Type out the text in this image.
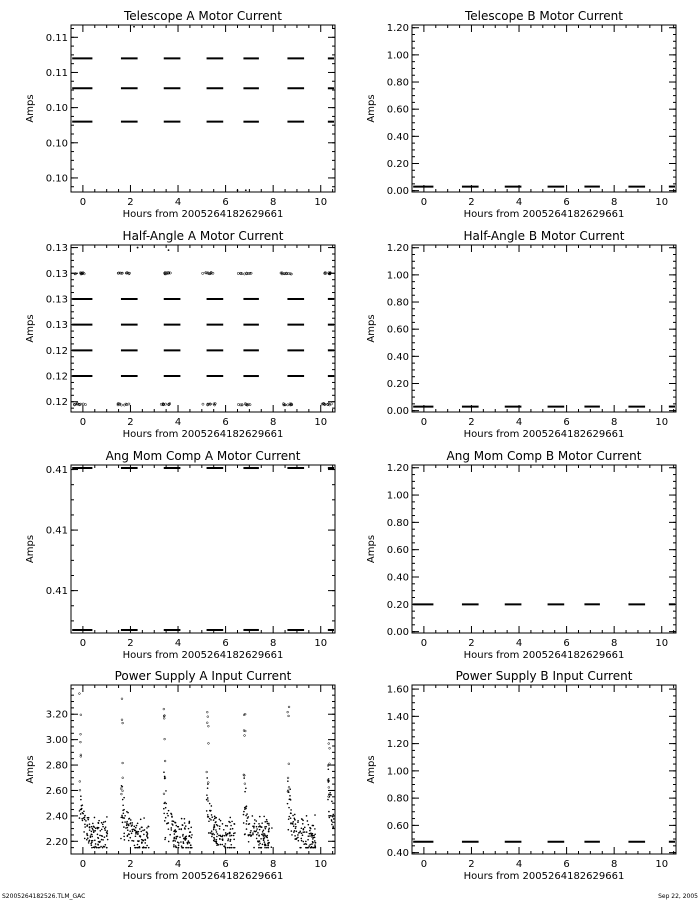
Telescope A Motor Current
0	2	4	6	8	10
0.10
0.10
0.10
0.11
0.11
Hours from 2005264182629661
Amps
Telescope B Motor Current
0	2	4	6	8	10
0.00
0.20
0.40
0.60
0.80
1.00
1.20
Hours from 2005264182629661
Amps
Half-Angle A Motor Current
0	2	4	6	8	10
0.12
0.12
0.12
0.13
0.13
0.13
0.13
Hours from 2005264182629661
Amps
Half-Angle B Motor Current
0	2	4	6	8	10
0.00
0.20
0.40
0.60
0.80
1.00
1.20
Hours from 2005264182629661
Amps
Ang Mom Comp A Motor Current
0	2	4	6	8	10
0.41
0.41
0.41
Hours from 2005264182629661
Amps
Ang Mom Comp B Motor Current
0	2	4	6	8	10
0.00
0.20
0.40
0.60
0.80
1.00
1.20
Hours from 2005264182629661
Amps
Power Supply A Input Current
0	2	4	6	8	10
2.20
2.40
2.60
2.80
3.00
3.20
Hours from 2005264182629661
Amps
Power Supply B Input Current
0	2	4	6	8	10
0.40
0.60
0.80
1.00
1.20
1.40
1.60
Hours from 2005264182629661
Amps
S2005264182526.TLM_GAC	Sep 22, 2005
